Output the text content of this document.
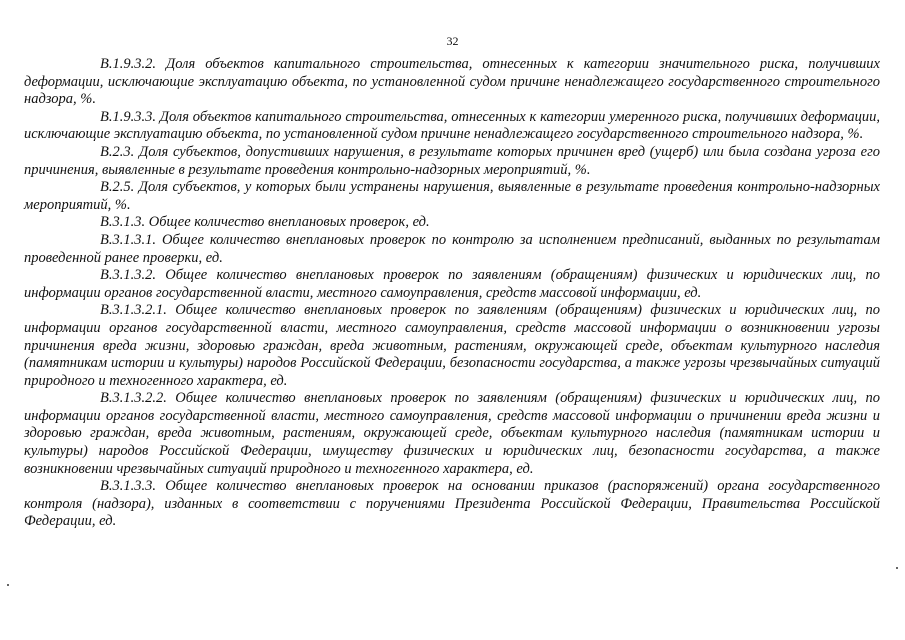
32

В.1.9.3.2. Доля объектов капитального строительства, отнесенных к категории значительного риска, получивших деформации, исключающие эксплуатацию объекта, по установленной судом причине ненадлежащего государственного строительного надзора, %.

В.1.9.3.3. Доля объектов капитального строительства, отнесенных к категории умеренного риска, получивших деформации, исключающие эксплуатацию объекта, по установленной судом причине ненадлежащего государственного строительного надзора, %.

В.2.3. Доля субъектов, допустивших нарушения, в результате которых причинен вред (ущерб) или была создана угроза его причинения, выявленные в результате проведения контрольно-надзорных мероприятий, %.

В.2.5. Доля субъектов, у которых были устранены нарушения, выявленные в результате проведения контрольно-надзорных мероприятий, %.

В.3.1.3. Общее количество внеплановых проверок, ед.

В.3.1.3.1. Общее количество внеплановых проверок по контролю за исполнением предписаний, выданных по результатам проведенной ранее проверки, ед.

В.3.1.3.2. Общее количество внеплановых проверок по заявлениям (обращениям) физических и юридических лиц, по информации органов государственной власти, местного самоуправления, средств массовой информации, ед.

В.3.1.3.2.1. Общее количество внеплановых проверок по заявлениям (обращениям) физических и юридических лиц, по информации органов государственной власти, местного самоуправления, средств массовой информации о возникновении угрозы причинения вреда жизни, здоровью граждан, вреда животным, растениям, окружающей среде, объектам культурного наследия (памятникам истории и культуры) народов Российской Федерации, безопасности государства, а также угрозы чрезвычайных ситуаций природного и техногенного характера, ед.

В.3.1.3.2.2. Общее количество внеплановых проверок по заявлениям (обращениям) физических и юридических лиц, по информации органов государственной власти, местного самоуправления, средств массовой информации о причинении вреда жизни и здоровью граждан, вреда животным, растениям, окружающей среде, объектам культурного наследия (памятникам истории и культуры) народов Российской Федерации, имуществу физических и юридических лиц, безопасности государства, а также возникновении чрезвычайных ситуаций природного и техногенного характера, ед.

В.3.1.3.3. Общее количество внеплановых проверок на основании приказов (распоряжений) органа государственного контроля (надзора), изданных в соответствии с поручениями Президента Российской Федерации, Правительства Российской Федерации, ед.
